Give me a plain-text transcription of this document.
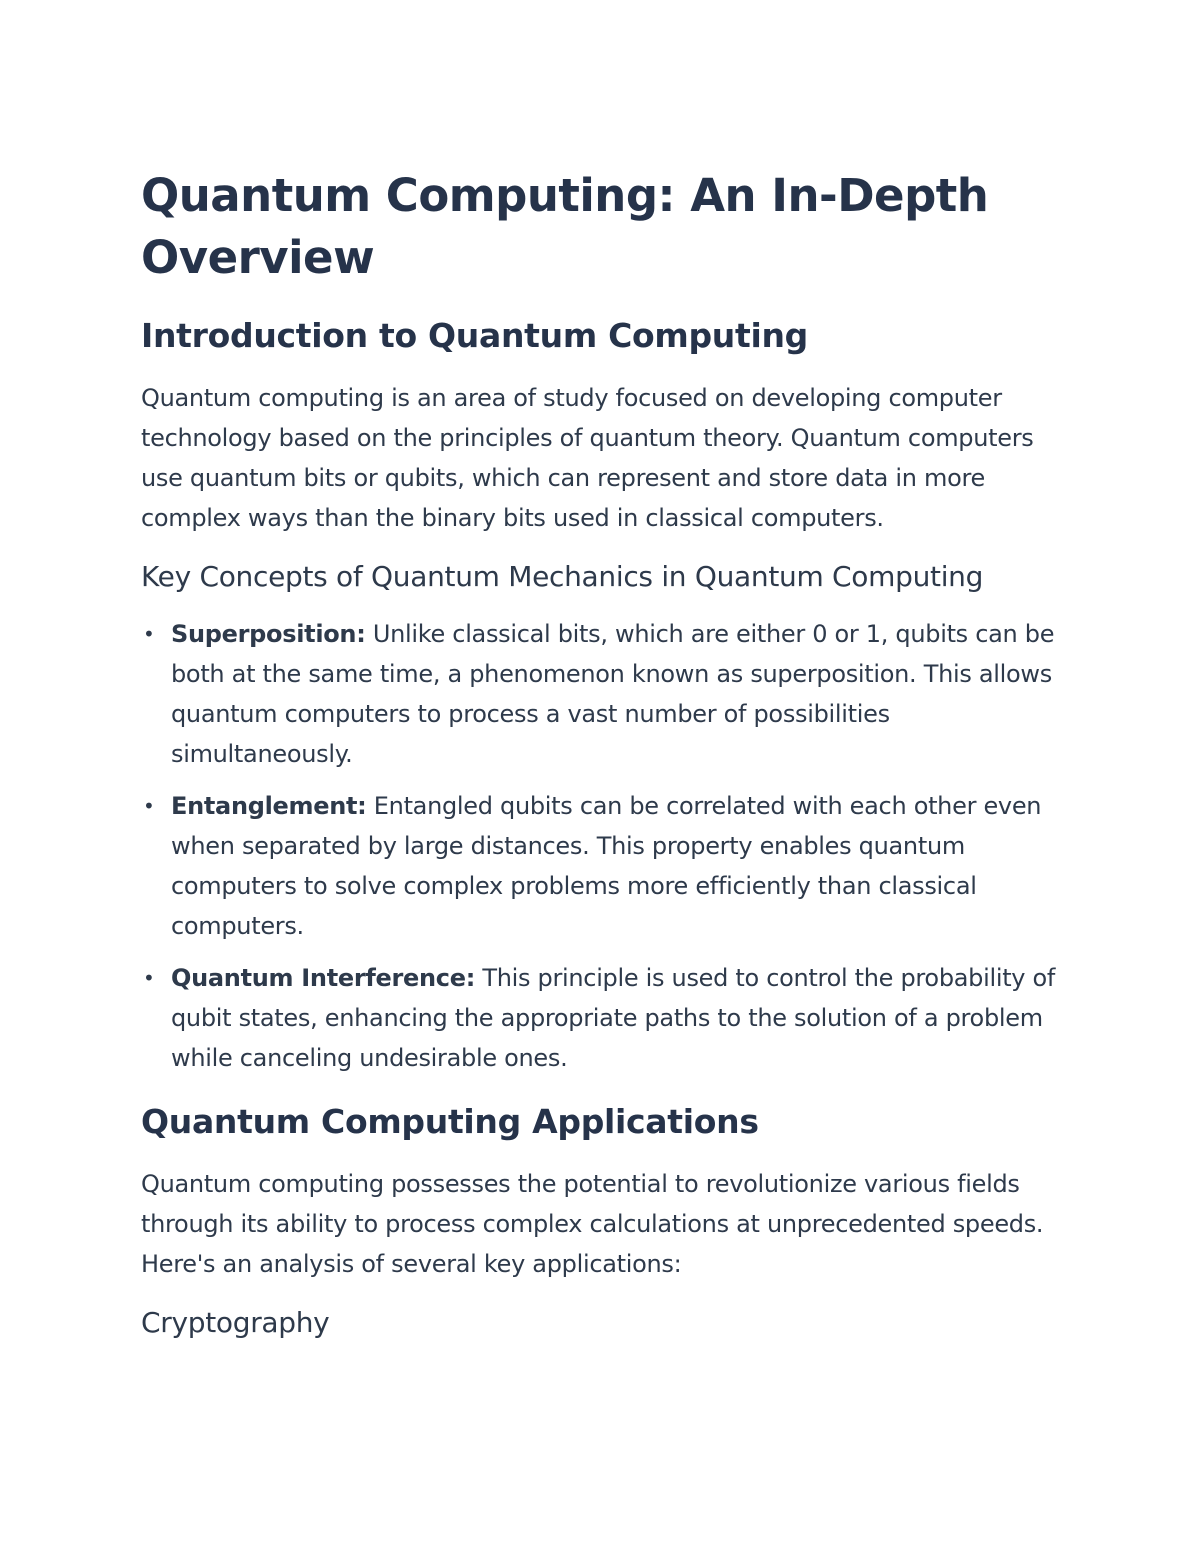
Quantum Computing: An In-Depth Overview
Introduction to Quantum Computing

Quantum computing is an area of study focused on developing computer technology based on the principles of quantum theory. Quantum computers use quantum bits or qubits, which can represent and store data in more complex ways than the binary bits used in classical computers.

Key Concepts of Quantum Mechanics in Quantum Computing
• Superposition: Unlike classical bits, which are either 0 or 1, qubits can be both at the same time, a phenomenon known as superposition. This allows quantum computers to process a vast number of possibilities simultaneously.
• Entanglement: Entangled qubits can be correlated with each other even when separated by large distances. This property enables quantum computers to solve complex problems more efficiently than classical computers.
• Quantum Interference: This principle is used to control the probability of qubit states, enhancing the appropriate paths to the solution of a problem while canceling undesirable ones.
Quantum Computing Applications

Quantum computing possesses the potential to revolutionize various fields through its ability to process complex calculations at unprecedented speeds. Here's an analysis of several key applications:

Cryptography
